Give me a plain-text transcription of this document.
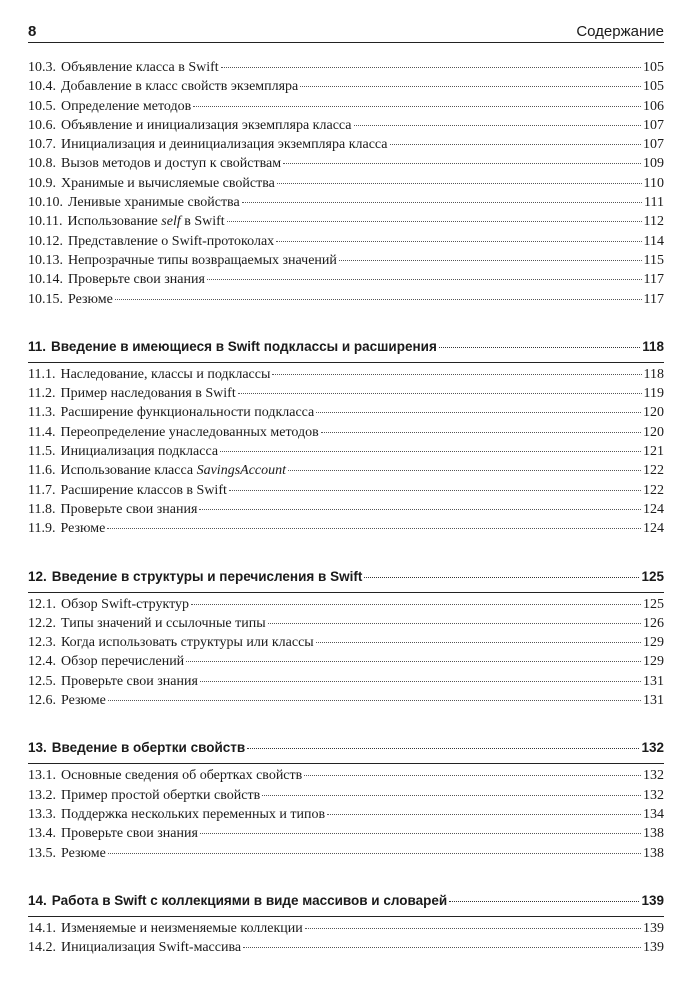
8	Содержание
10.3. Объявление класса в Swift	105
10.4. Добавление в класс свойств экземпляра	105
10.5. Определение методов	106
10.6. Объявление и инициализация экземпляра класса	107
10.7. Инициализация и деинициализация экземпляра класса	107
10.8. Вызов методов и доступ к свойствам	109
10.9. Хранимые и вычисляемые свойства	110
10.10. Ленивые хранимые свойства	111
10.11. Использование self в Swift	112
10.12. Представление о Swift-протоколах	114
10.13. Непрозрачные типы возвращаемых значений	115
10.14. Проверьте свои знания	117
10.15. Резюме	117
11. Введение в имеющиеся в Swift подклассы и расширения	118
11.1. Наследование, классы и подклассы	118
11.2. Пример наследования в Swift	119
11.3. Расширение функциональности подкласса	120
11.4. Переопределение унаследованных методов	120
11.5. Инициализация подкласса	121
11.6. Использование класса SavingsAccount	122
11.7. Расширение классов в Swift	122
11.8. Проверьте свои знания	124
11.9. Резюме	124
12. Введение в структуры и перечисления в Swift	125
12.1. Обзор Swift-структур	125
12.2. Типы значений и ссылочные типы	126
12.3. Когда использовать структуры или классы	129
12.4. Обзор перечислений	129
12.5. Проверьте свои знания	131
12.6. Резюме	131
13. Введение в обертки свойств	132
13.1. Основные сведения об обертках свойств	132
13.2. Пример простой обертки свойств	132
13.3. Поддержка нескольких переменных и типов	134
13.4. Проверьте свои знания	138
13.5. Резюме	138
14. Работа в Swift с коллекциями в виде массивов и словарей	139
14.1. Изменяемые и неизменяемые коллекции	139
14.2. Инициализация Swift-массива	139
